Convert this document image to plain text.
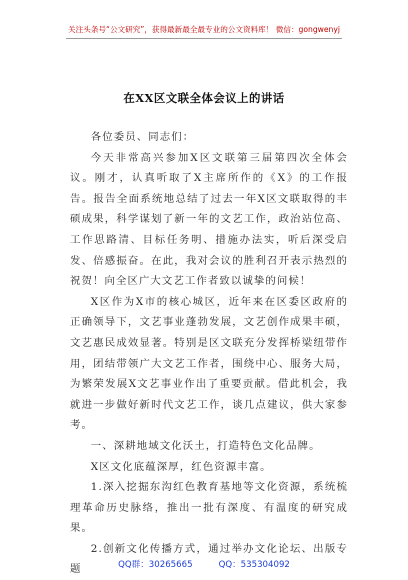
关注头条号“公文研究”，获得最新最全最专业的公文资料库！ 微信：gongwenyj
在XX区文联全体会议上的讲话

各位委员、同志们：

今天非常高兴参加X区文联第三届第四次全体会议。刚才，认真听取了X主席所作的《X》的工作报告。报告全面系统地总结了过去一年X区文联取得的丰硕成果，科学谋划了新一年的文艺工作，政治站位高、工作思路清、目标任务明、措施办法实，听后深受启发、倍感振奋。在此，我对会议的胜利召开表示热烈的祝贺！向全区广大文艺工作者致以诚挚的问候！

X区作为X市的核心城区，近年来在区委区政府的正确领导下，文艺事业蓬勃发展，文艺创作成果丰硕，文艺惠民成效显著。特别是区文联充分发挥桥梁纽带作用，团结带领广大文艺工作者，围绕中心、服务大局，为繁荣发展X文艺事业作出了重要贡献。借此机会，我就进一步做好新时代文艺工作，谈几点建议，供大家参考。

一、深耕地域文化沃土，打造特色文化品牌。

X区文化底蕴深厚，红色资源丰富。

1.深入挖掘东沟红色教育基地等文化资源，系统梳理革命历史脉络，推出一批有深度、有温度的研究成果。

2.创新文化传播方式，通过举办文化论坛、出版专题	QQ群：30265665	QQ：535304092
